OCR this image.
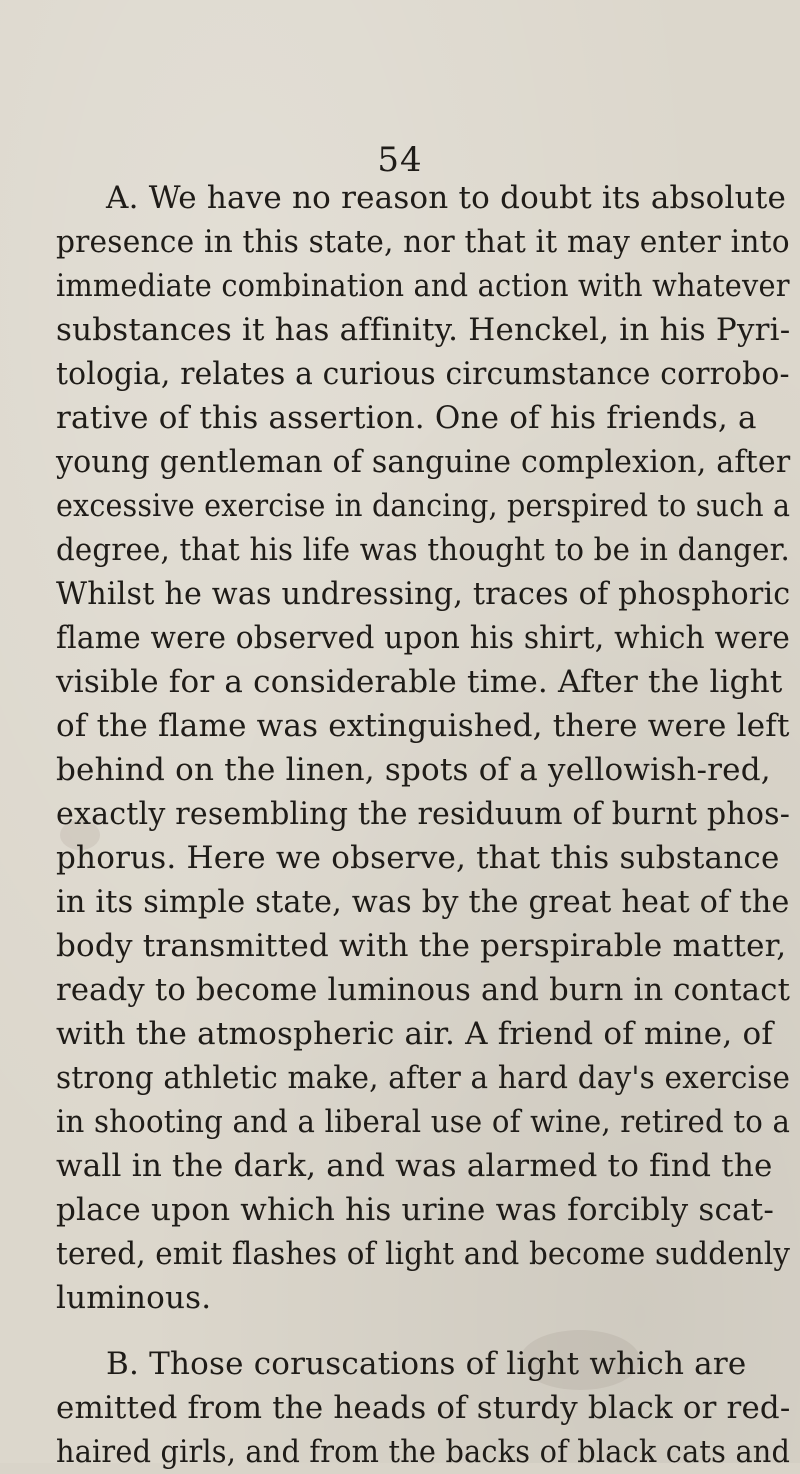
54
A. We have no reason to doubt its absolute
presence in this state, nor that it may enter into
immediate combination and action with whatever
substances it has affinity. Henckel, in his Pyri-
tologia, relates a curious circumstance corrobo-
rative of this assertion. One of his friends, a
young gentleman of sanguine complexion, after
excessive exercise in dancing, perspired to such a
degree, that his life was thought to be in danger.
Whilst he was undressing, traces of phosphoric
flame were observed upon his shirt, which were
visible for a considerable time. After the light
of the flame was extinguished, there were left
behind on the linen, spots of a yellowish-red,
exactly resembling the residuum of burnt phos-
phorus. Here we observe, that this substance
in its simple state, was by the great heat of the
body transmitted with the perspirable matter,
ready to become luminous and burn in contact
with the atmospheric air. A friend of mine, of
strong athletic make, after a hard day's exercise
in shooting and a liberal use of wine, retired to a
wall in the dark, and was alarmed to find the
place upon which his urine was forcibly scat-
tered, emit flashes of light and become suddenly
luminous.
B. Those coruscations of light which are
emitted from the heads of sturdy black or red-
haired girls, and from the backs of black cats and
